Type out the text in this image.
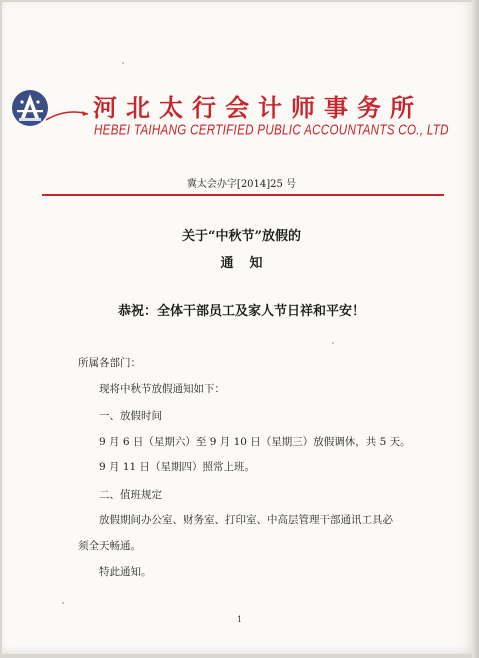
河北太行会计师事务所
HEBEI TAIHANG CERTIFIED PUBLIC ACCOUNTANTS CO., LTD
冀太会办字[2014]25 号
关于“中秋节”放假的
通知
恭祝：全体干部员工及家人节日祥和平安！
所属各部门：
现将中秋节放假通知如下：
一、放假时间
9 月 6 日（星期六）至 9 月 10 日（星期三）放假调休，共 5 天。
9 月 11 日（星期四）照常上班。
二、值班规定
放假期间办公室、财务室、打印室、中高层管理干部通讯工具必
须全天畅通。
特此通知。
1
